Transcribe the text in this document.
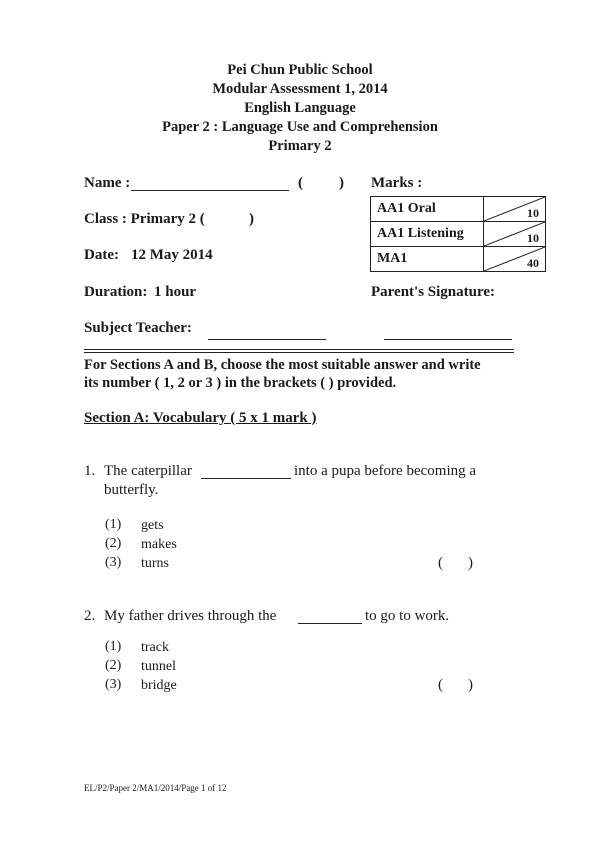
Pei Chun Public School
Modular Assessment 1, 2014
English Language
Paper 2 : Language Use and Comprehension
Primary 2
Name :	( )
Class : Primary 2 (	)
Date: 12 May 2014
Duration: 1 hour
Subject Teacher:
Marks :
AA1 Oral	10

AA1 Listening	10

MA1	40
Parent's Signature:
For Sections A and B, choose the most suitable answer and write
its number ( 1, 2 or 3 ) in the brackets ( ) provided.
Section A: Vocabulary ( 5 x 1 mark )
1. The caterpillar	into a pupa before becoming a
butterfly.
(1) gets
(2) makes
(3) turns	( )
2. My father drives through the	to go to work.
(1) track
(2) tunnel
(3) bridge	( )
EL/P2/Paper 2/MA1/2014/Page 1 of 12
